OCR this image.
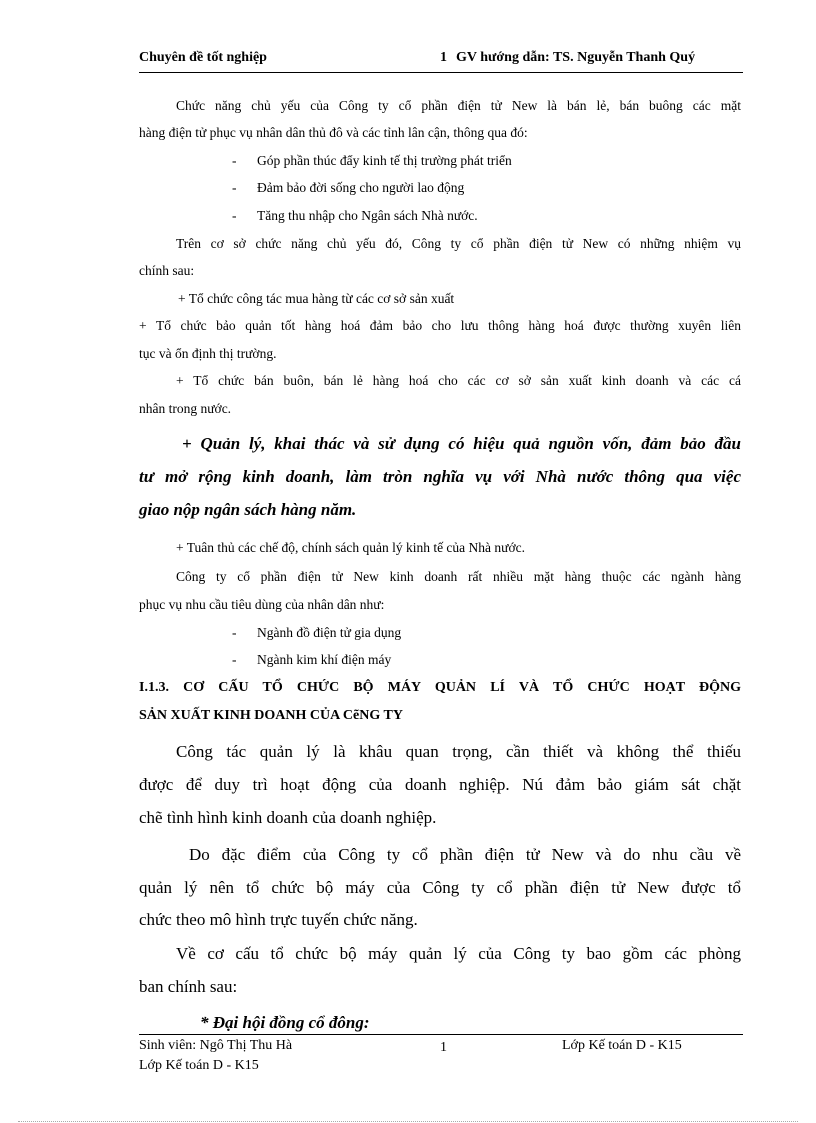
Chuyên đề tốt nghiệp	1 GV hướng dẫn: TS. Nguyễn Thanh Quý
Chức năng chủ yếu của Công ty cổ phần điện tử New là bán lẻ, bán buông các mặt
hàng điện tử phục vụ nhân dân thủ đô và các tỉnh lân cận, thông qua đó:
- Góp phần thúc đẩy kinh tế thị trường phát triển
- Đảm bảo đời sống cho người lao động
- Tăng thu nhập cho Ngân sách Nhà nước.
Trên cơ sở chức năng chủ yếu đó, Công ty cổ phần điện tử New có những nhiệm vụ
chính sau:
+ Tổ chức công tác mua hàng từ các cơ sở sản xuất
+ Tổ chức bảo quản tốt hàng hoá đảm bảo cho lưu thông hàng hoá được thường xuyên liên
tục và ổn định thị trường.
+ Tổ chức bán buôn, bán lẻ hàng hoá cho các cơ sở sản xuất kinh doanh và các cá
nhân trong nước.
+ Quản lý, khai thác và sử dụng có hiệu quả nguồn vốn, đảm bảo đầu
tư mở rộng kinh doanh, làm tròn nghĩa vụ với Nhà nước thông qua việc
giao nộp ngân sách hàng năm.
+ Tuân thủ các chế độ, chính sách quản lý kinh tế của Nhà nước.
Công ty cổ phần điện tử New kinh doanh rất nhiều mặt hàng thuộc các ngành hàng
phục vụ nhu cầu tiêu dùng của nhân dân như:
- Ngành đồ điện tử gia dụng
- Ngành kim khí điện máy
I.1.3. CƠ CẤU TỔ CHỨC BỘ MÁY QUẢN LÍ VÀ TỔ CHỨC HOẠT ĐỘNG
SẢN XUẤT KINH DOANH CỦA CẽNG TY
Công tác quản lý là khâu quan trọng, cần thiết và không thể thiếu
được để duy trì hoạt động của doanh nghiệp. Nú đảm bảo giám sát chặt
chẽ tình hình kinh doanh của doanh nghiệp.
Do đặc điểm của Công ty cổ phần điện tử New và do nhu cầu về
quản lý nên tổ chức bộ máy của Công ty cổ phần điện tử New được tổ
chức theo mô hình trực tuyến chức năng.
Về cơ cấu tổ chức bộ máy quản lý của Công ty bao gồm các phòng
ban chính sau:
* Đại hội đồng cổ đông:
Sinh viên: Ngô Thị Thu Hà	1	Lớp Kế toán D - K15
Lớp Kế toán D - K15
